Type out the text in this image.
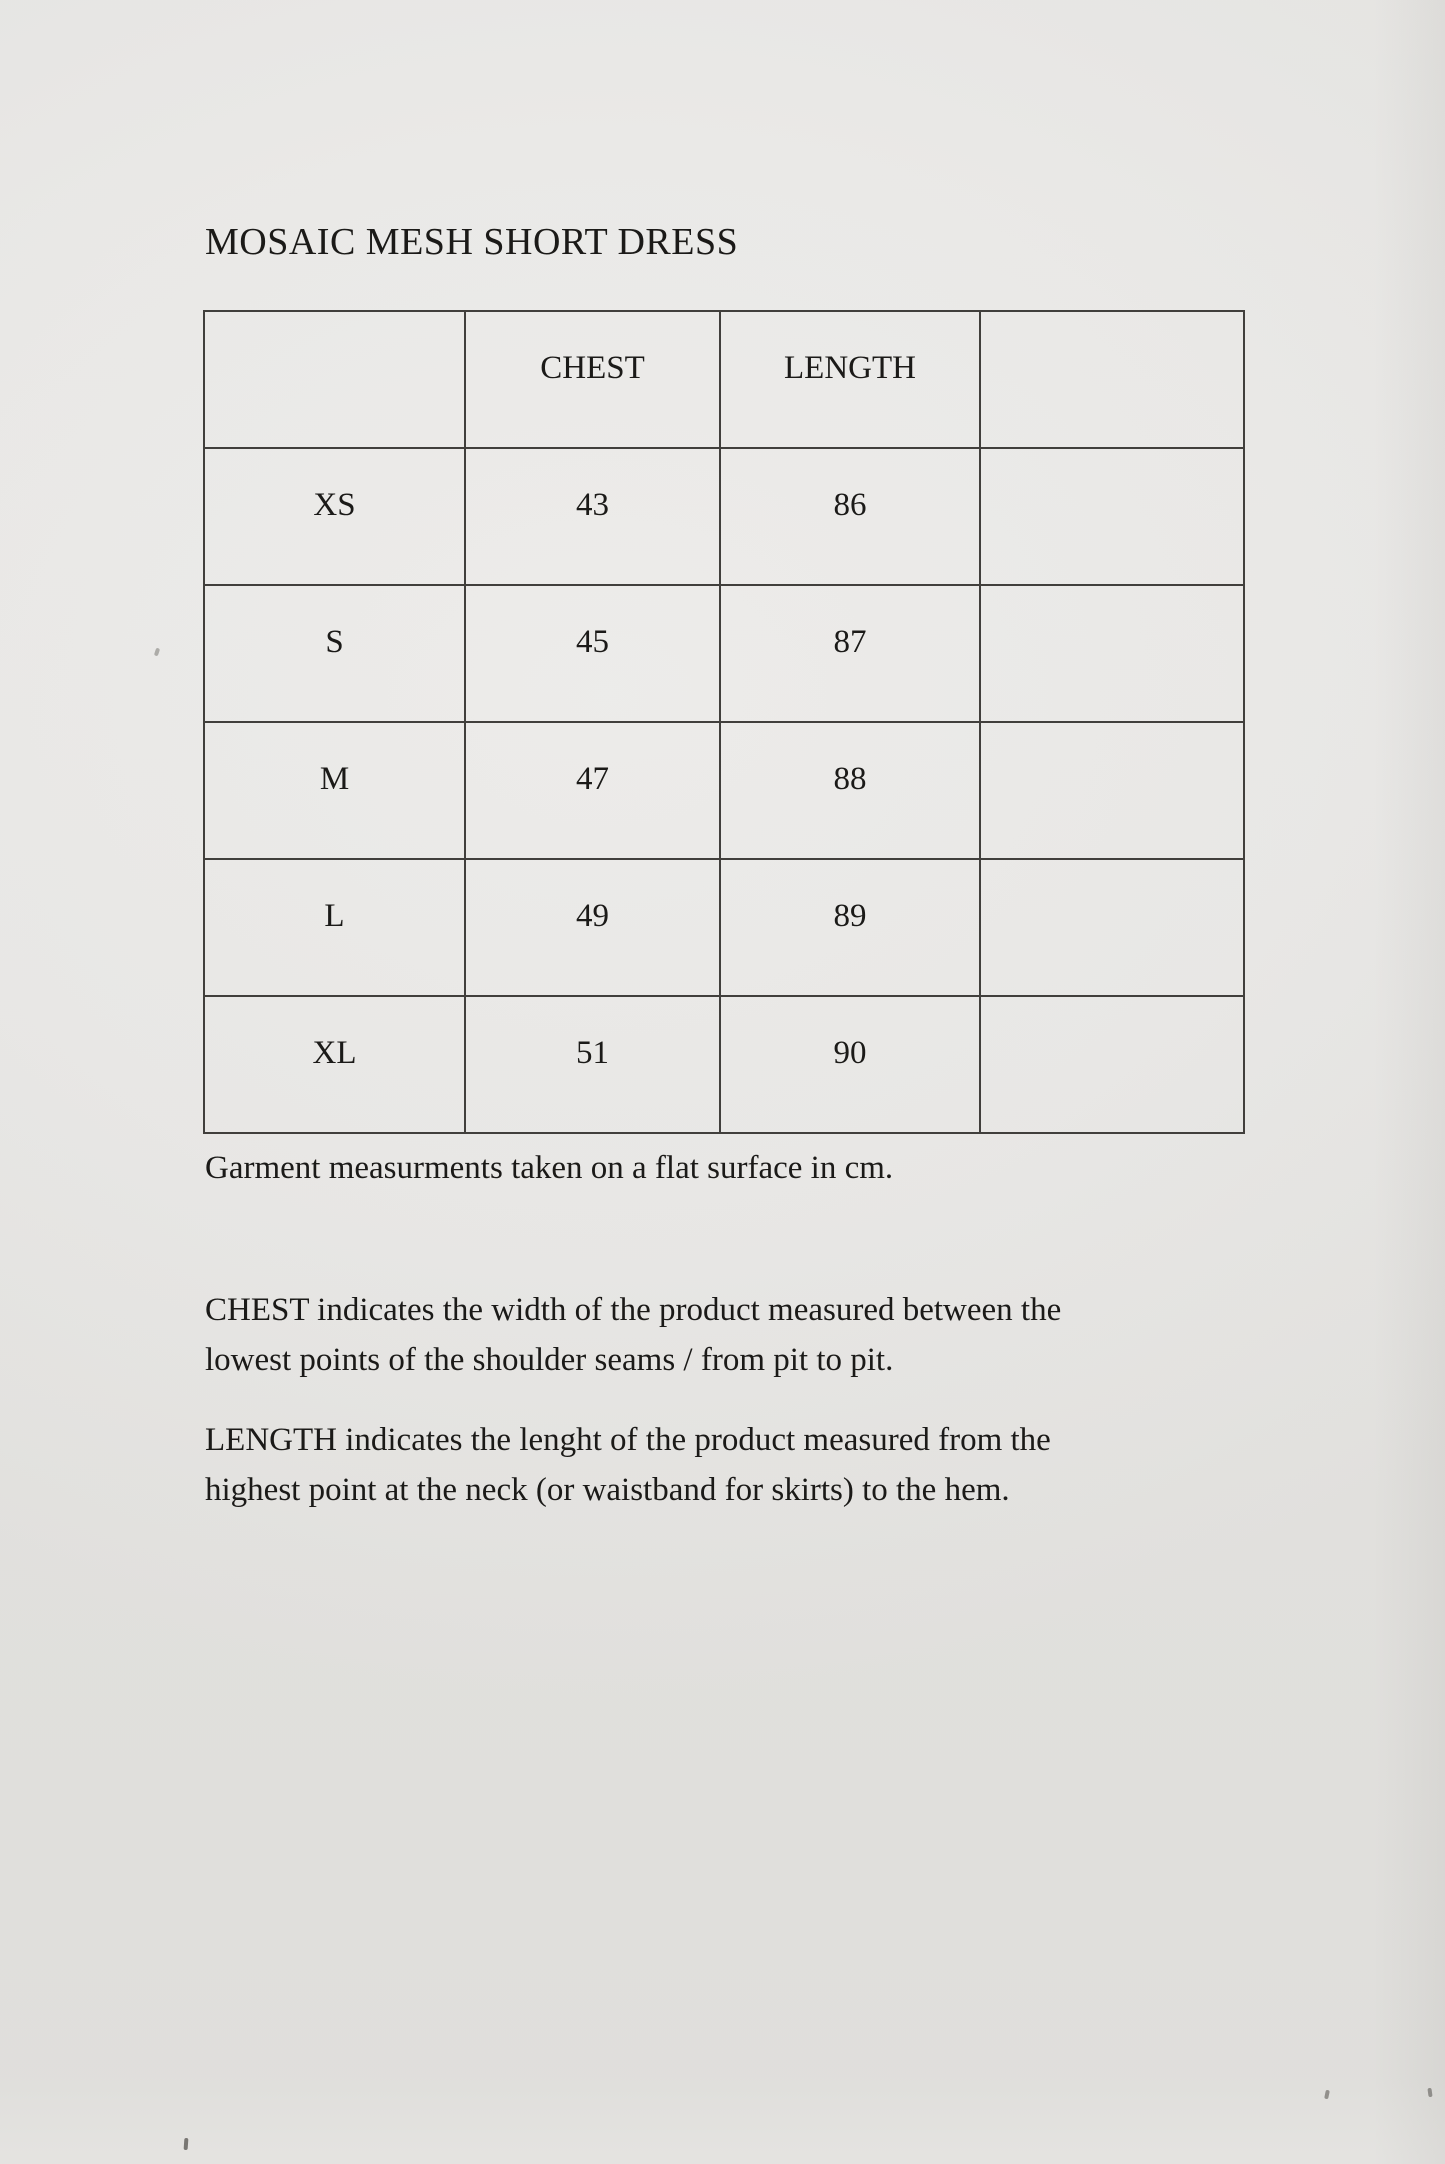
MOSAIC MESH SHORT DRESS
	CHEST	LENGTH	
XS	43	86	
S	45	87	
M	47	88	
L	49	89	
XL	51	90	
Garment measurments taken on a flat surface in cm.
CHEST indicates the width of the product measured between the
lowest points of the shoulder seams / from pit to pit.
LENGTH indicates the lenght of the product measured from the
highest point at the neck (or waistband for skirts) to the hem.
